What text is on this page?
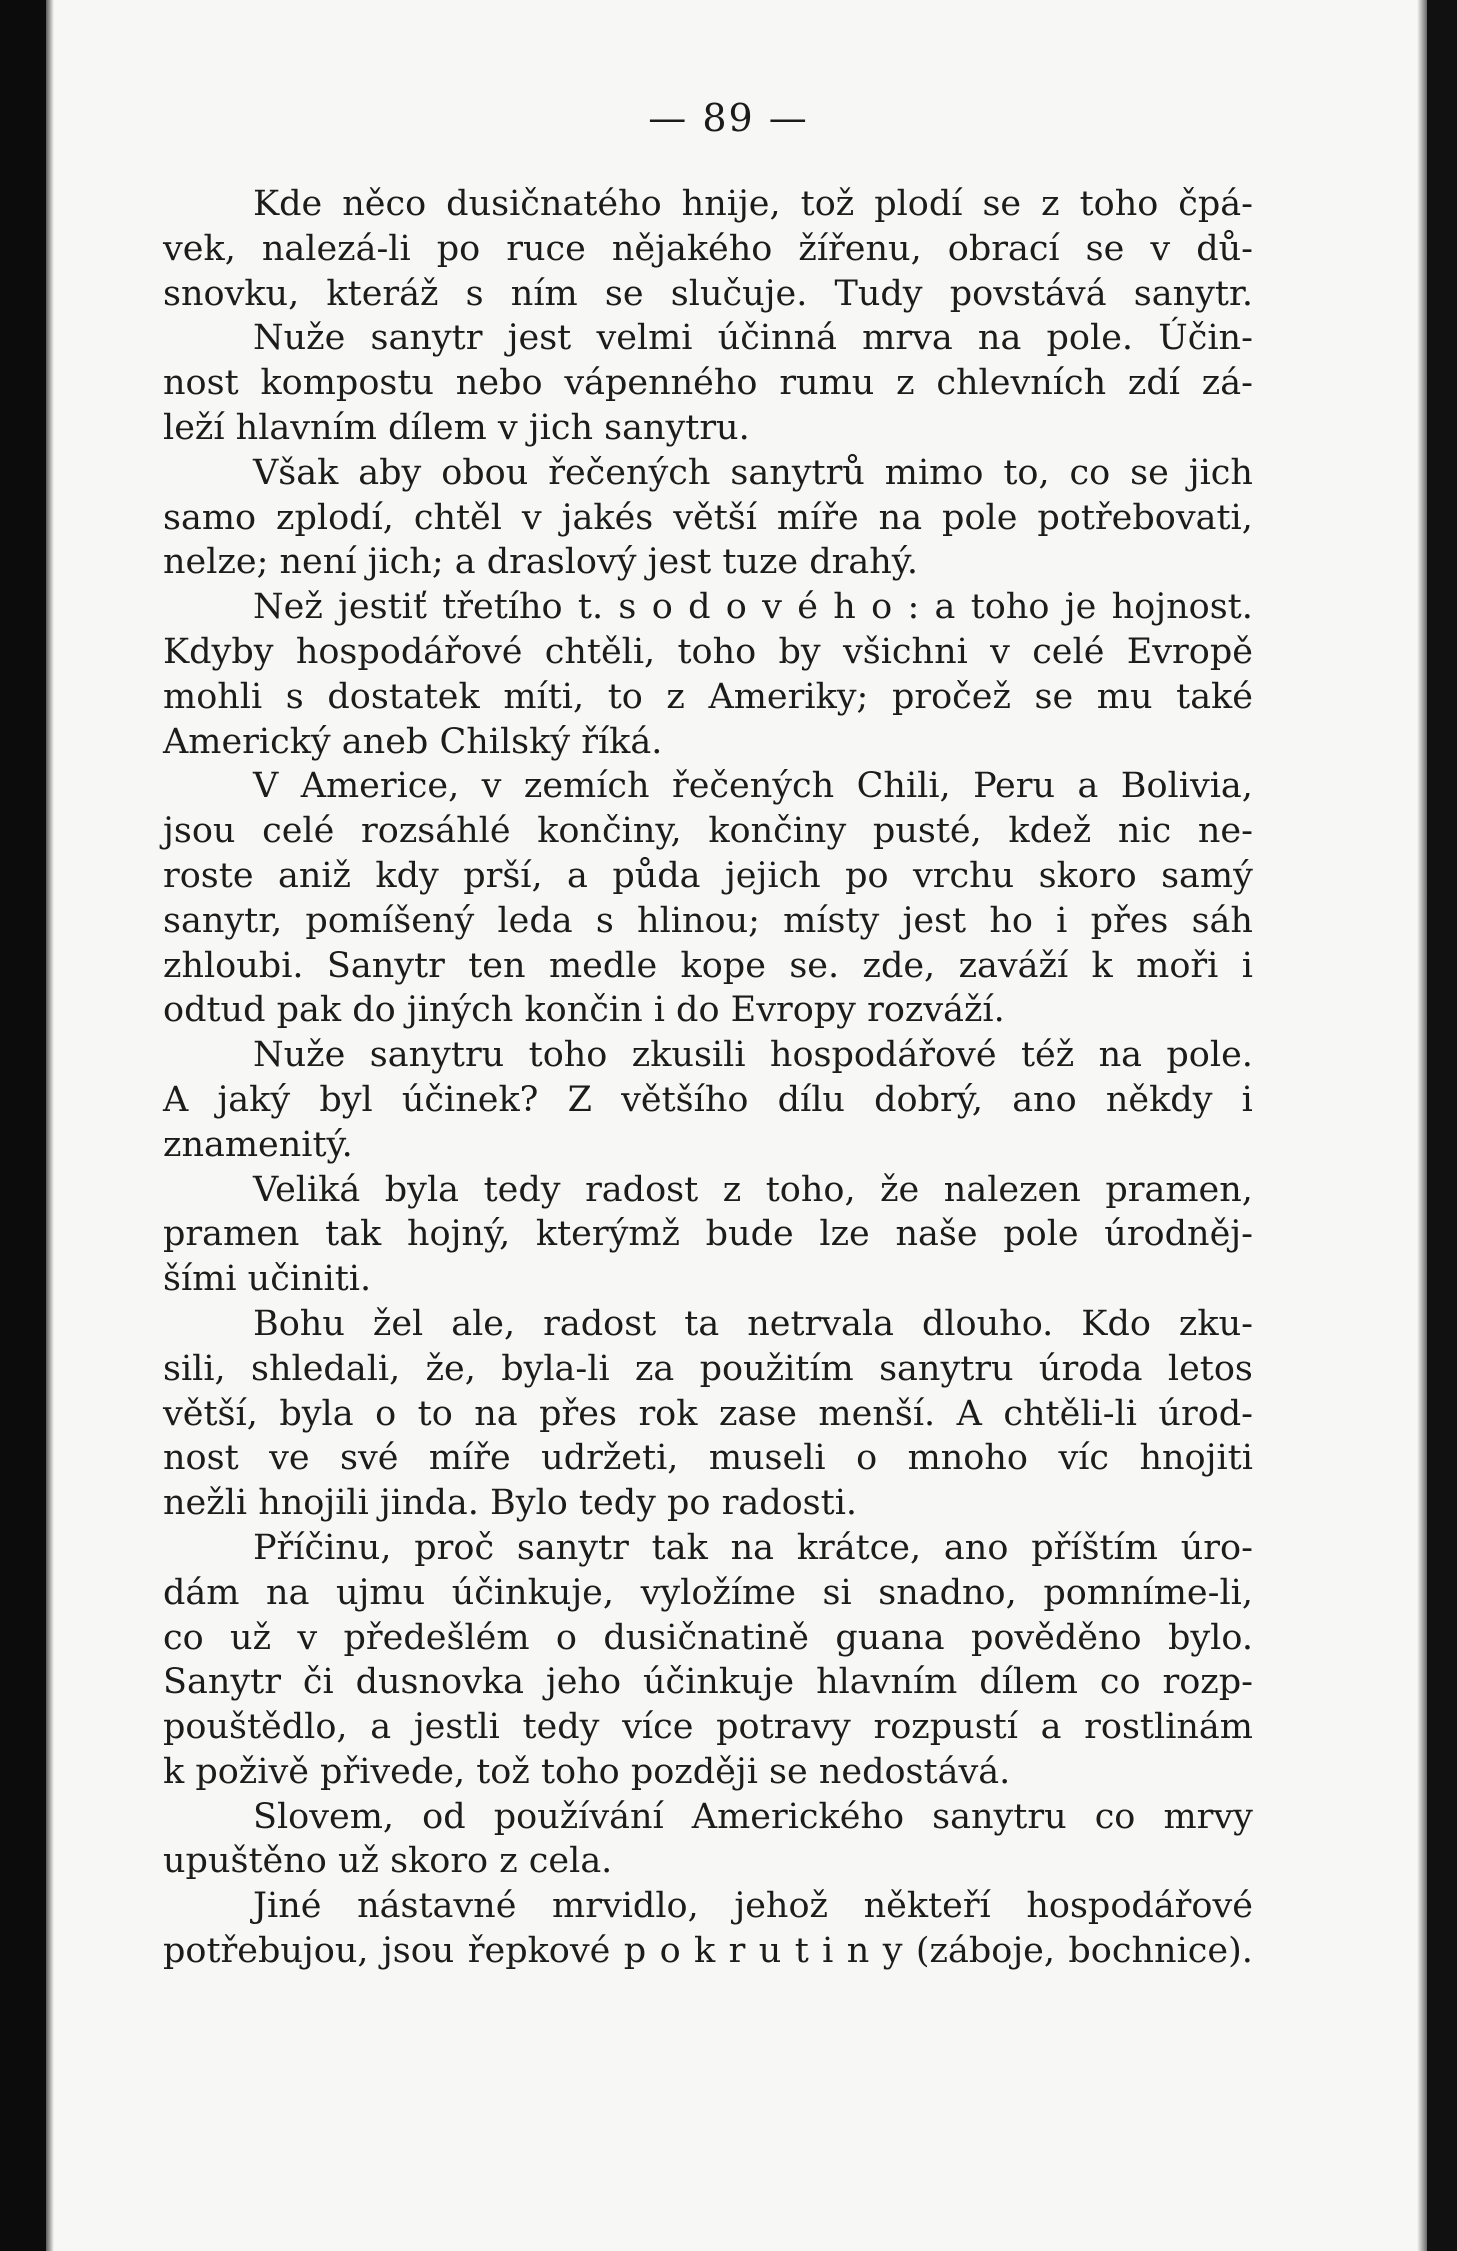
— 89 —
Kde něco dusičnatého hnije, tož plodí se z toho čpá-
vek, nalezá-li po ruce nějakého žířenu, obrací se v dů-
snovku, kteráž s ním se slučuje. Tudy povstává sanytr.
Nuže sanytr jest velmi účinná mrva na pole. Účin-
nost kompostu nebo vápenného rumu z chlevních zdí zá-
leží hlavním dílem v jich sanytru.
Však aby obou řečených sanytrů mimo to, co se jich
samo zplodí, chtěl v jakés větší míře na pole potřebovati,
nelze; není jich; a draslový jest tuze drahý.
Než jestiť třetího t. s o d o v é h o : a toho je hojnost.
Kdyby hospodářové chtěli, toho by všichni v celé Evropě
mohli s dostatek míti, to z Ameriky; pročež se mu také
Americký aneb Chilský říká.
V Americe, v zemích řečených Chili, Peru a Bolivia,
jsou celé rozsáhlé končiny, končiny pusté, kdež nic ne-
roste aniž kdy prší, a půda jejich po vrchu skoro samý
sanytr, pomíšený leda s hlinou; místy jest ho i přes sáh
zhloubi. Sanytr ten medle kope se. zde, zaváží k moři i
odtud pak do jiných končin i do Evropy rozváží.
Nuže sanytru toho zkusili hospodářové též na pole.
A jaký byl účinek? Z většího dílu dobrý, ano někdy i
znamenitý.
Veliká byla tedy radost z toho, že nalezen pramen,
pramen tak hojný, kterýmž bude lze naše pole úrodněj-
šími učiniti.
Bohu žel ale, radost ta netrvala dlouho. Kdo zku-
sili, shledali, že, byla-li za použitím sanytru úroda letos
větší, byla o to na přes rok zase menší. A chtěli-li úrod-
nost ve své míře udržeti, museli o mnoho víc hnojiti
nežli hnojili jinda. Bylo tedy po radosti.
Příčinu, proč sanytr tak na krátce, ano příštím úro-
dám na ujmu účinkuje, vyložíme si snadno, pomníme-li,
co už v předešlém o dusičnatině guana pověděno bylo.
Sanytr či dusnovka jeho účinkuje hlavním dílem co rozp-
pouštědlo, a jestli tedy více potravy rozpustí a rostlinám
k poživě přivede, tož toho později se nedostává.
Slovem, od používání Amerického sanytru co mrvy
upuštěno už skoro z cela.
Jiné nástavné mrvidlo, jehož někteří hospodářové
potřebujou, jsou řepkové p o k r u t i n y (záboje, bochnice).
